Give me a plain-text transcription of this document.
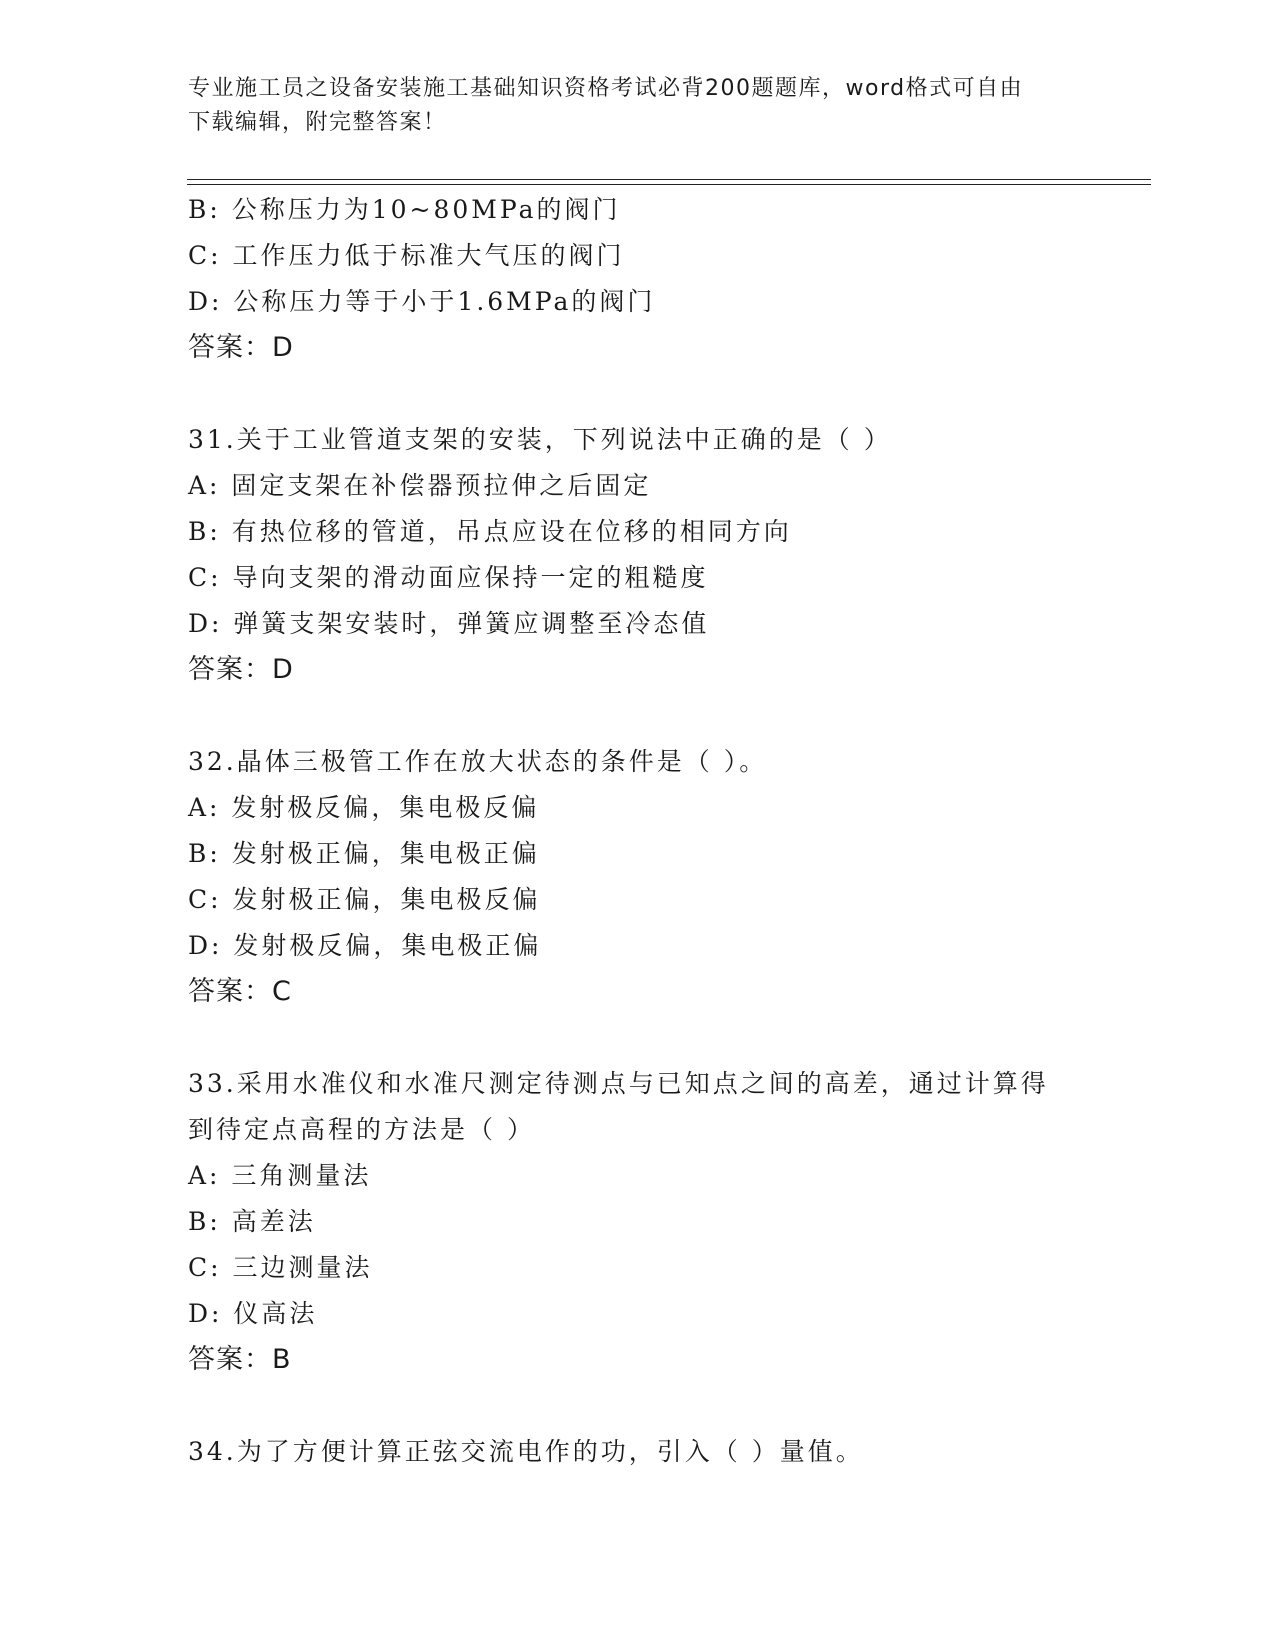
专业施工员之设备安装施工基础知识资格考试必背200题题库，word格式可自由
下载编辑，附完整答案！
B: 公称压力为10~80MPa的阀门
C: 工作压力低于标准大气压的阀门
D: 公称压力等于小于1.6MPa的阀门
答案：D
31.关于工业管道支架的安装，下列说法中正确的是（ ）
A: 固定支架在补偿器预拉伸之后固定
B: 有热位移的管道，吊点应设在位移的相同方向
C: 导向支架的滑动面应保持一定的粗糙度
D: 弹簧支架安装时，弹簧应调整至冷态值
答案：D
32.晶体三极管工作在放大状态的条件是（ ）。
A: 发射极反偏，集电极反偏
B: 发射极正偏，集电极正偏
C: 发射极正偏，集电极反偏
D: 发射极反偏，集电极正偏
答案：C
33.采用水准仪和水准尺测定待测点与已知点之间的高差，通过计算得
到待定点高程的方法是（ ）
A: 三角测量法
B: 高差法
C: 三边测量法
D: 仪高法
答案：B
34.为了方便计算正弦交流电作的功，引入（ ）量值。
